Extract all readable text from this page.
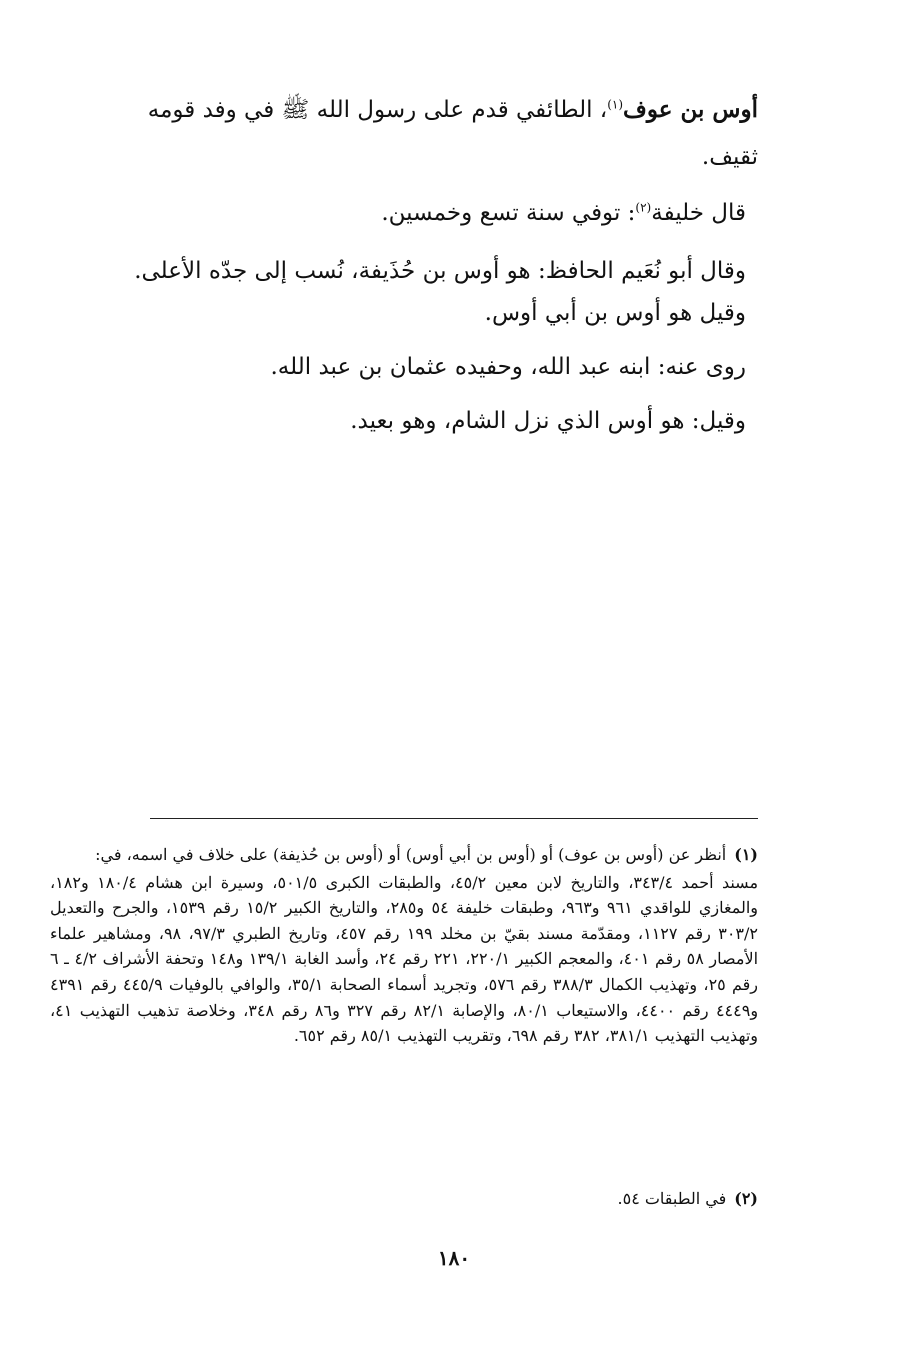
أوس بن عوف$^{(١)}$، الطائفي قدم على رسول الله ﷺ في وفد قومه
ثقيف.
قال خليفة$^{(٢)}$: توفي سنة تسع وخمسين.
وقال أبو نُعَيم الحافظ: هو أوس بن حُذَيفة، نُسب إلى جدّه الأعلى.
وقيل هو أوس بن أبي أوس.
روى عنه: ابنه عبد الله، وحفيده عثمان بن عبد الله.
وقيل: هو أوس الذي نزل الشام، وهو بعيد.
(١)أنظر عن (أوس بن عوف) أو (أوس بن أبي أوس) أو (أوس بن حُذيفة) على خلاف في اسمه، في:
مسند أحمد ٣٤٣/٤، والتاريخ لابن معين ٤٥/٢، والطبقات الكبرى ٥٠١/٥، وسيرة ابن هشام ١٨٠/٤ و١٨٢، والمغازي للواقدي ٩٦١ و٩٦٣، وطبقات خليفة ٥٤ و٢٨٥، والتاريخ الكبير ١٥/٢ رقم ١٥٣٩، والجرح والتعديل ٣٠٣/٢ رقم ١١٢٧، ومقدّمة مسند بقيّ بن مخلد ١٩٩ رقم ٤٥٧، وتاريخ الطبري ٩٧/٣، ٩٨، ومشاهير علماء الأمصار ٥٨ رقم ٤٠١، والمعجم الكبير ٢٢٠/١، ٢٢١ رقم ٢٤، وأسد الغابة ١٣٩/١ و١٤٨ وتحفة الأشراف ٤/٢ ـ ٦ رقم ٢٥، وتهذيب الكمال ٣٨٨/٣ رقم ٥٧٦، وتجريد أسماء الصحابة ٣٥/١، والوافي بالوفيات ٤٤٥/٩ رقم ٤٣٩١ و٤٤٤٩ رقم ٤٤٠٠، والاستيعاب ٨٠/١، والإصابة ٨٢/١ رقم ٣٢٧ و٨٦ رقم ٣٤٨، وخلاصة تذهيب التهذيب ٤١، وتهذيب التهذيب ٣٨١/١، ٣٨٢ رقم ٦٩٨، وتقريب التهذيب ٨٥/١ رقم ٦٥٢.
(٢)في الطبقات ٥٤.
١٨٠
